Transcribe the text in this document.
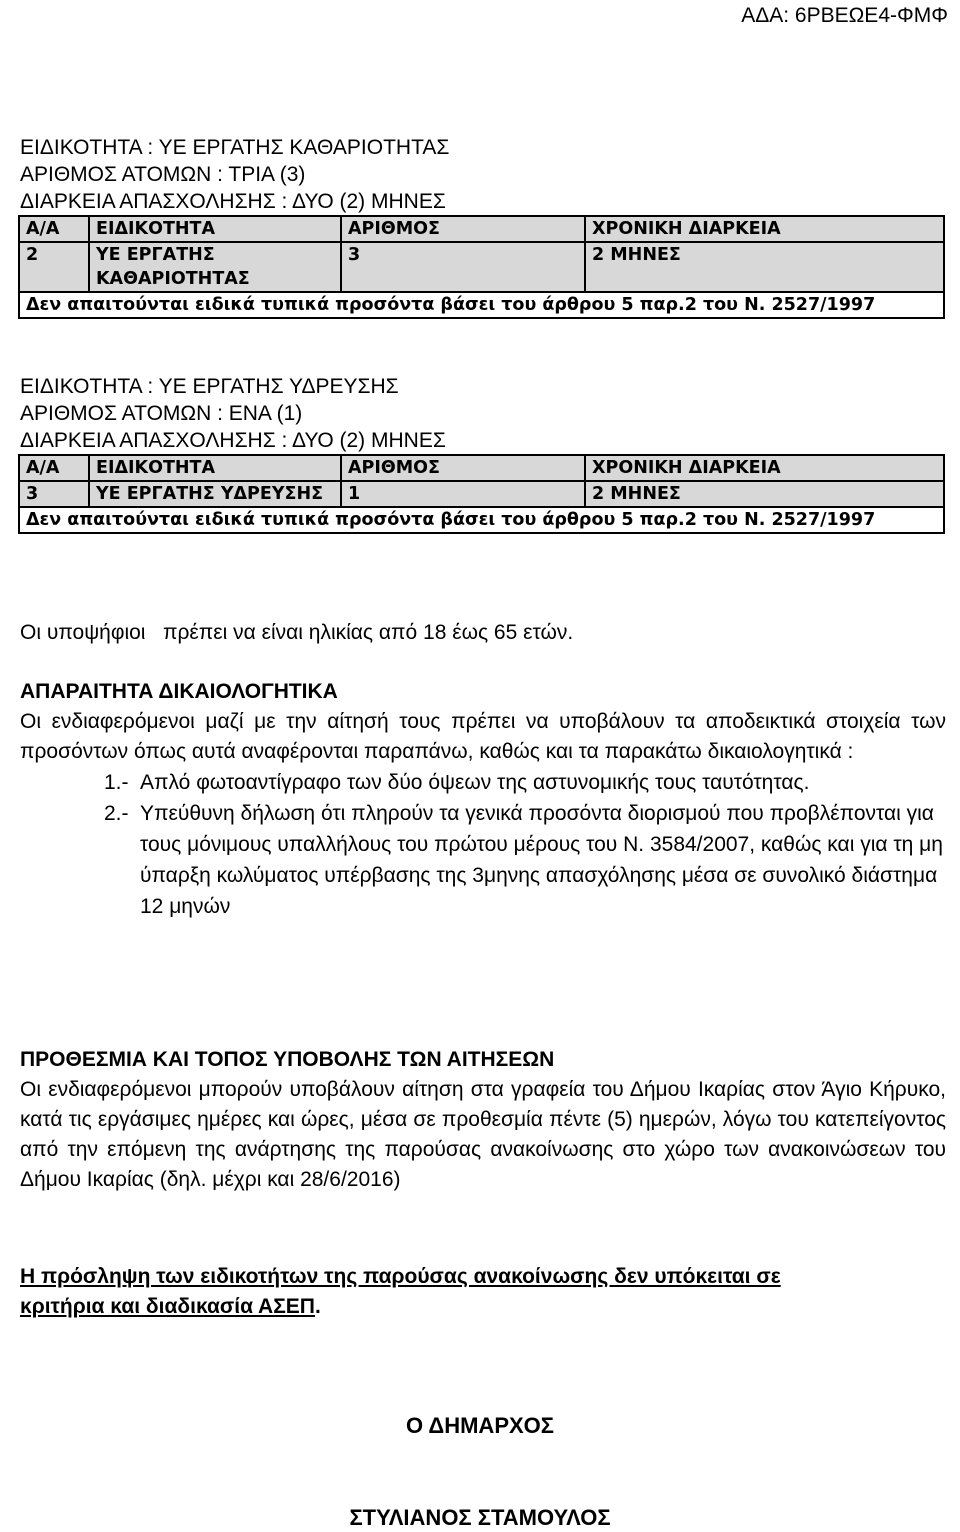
ΑΔΑ: 6ΡΒΕΩΕ4-ΦΜΦ

ΕΙΔΙΚΟΤΗΤΑ : ΥΕ ΕΡΓΑΤΗΣ ΚΑΘΑΡΙΟΤΗΤΑΣ

ΑΡΙΘΜΟΣ ΑΤΟΜΩΝ : ΤΡΙΑ (3)

ΔΙΑΡΚΕΙΑ ΑΠΑΣΧΟΛΗΣΗΣ : ΔΥΟ (2) ΜΗΝΕΣ

Α/Α	ΕΙΔΙΚΟΤΗΤΑ	ΑΡΙΘΜΟΣ	ΧΡΟΝΙΚΗ ΔΙΑΡΚΕΙΑ
2	ΥΕ ΕΡΓΑΤΗΣ ΚΑΘΑΡΙΟΤΗΤΑΣ	3	2 ΜΗΝΕΣ
Δεν απαιτούνται ειδικά τυπικά προσόντα βάσει του άρθρου 5 παρ.2 του Ν. 2527/1997			

ΕΙΔΙΚΟΤΗΤΑ : ΥΕ ΕΡΓΑΤΗΣ ΥΔΡΕΥΣΗΣ

ΑΡΙΘΜΟΣ ΑΤΟΜΩΝ : ΕΝΑ (1)

ΔΙΑΡΚΕΙΑ ΑΠΑΣΧΟΛΗΣΗΣ : ΔΥΟ (2) ΜΗΝΕΣ

Α/Α	ΕΙΔΙΚΟΤΗΤΑ	ΑΡΙΘΜΟΣ	ΧΡΟΝΙΚΗ ΔΙΑΡΚΕΙΑ
3	ΥΕ ΕΡΓΑΤΗΣ ΥΔΡΕΥΣΗΣ	1	2 ΜΗΝΕΣ
Δεν απαιτούνται ειδικά τυπικά προσόντα βάσει του άρθρου 5 παρ.2 του Ν. 2527/1997			

Οι υποψήφιοι   πρέπει να είναι ηλικίας από 18 έως 65 ετών.

ΑΠΑΡΑΙΤΗΤΑ ΔΙΚΑΙΟΛΟΓΗΤΙΚΑ

Οι ενδιαφερόμενοι μαζί με την αίτησή τους πρέπει να υποβάλουν τα αποδεικτικά στοιχεία των προσόντων όπως αυτά αναφέρονται παραπάνω, καθώς και τα παρακάτω δικαιολογητικά :

1.- Απλό φωτοαντίγραφο των δύο όψεων της αστυνομικής τους ταυτότητας.
2.- Υπεύθυνη δήλωση ότι πληρούν τα γενικά προσόντα διορισμού που προβλέπονται για τους μόνιμους υπαλλήλους του πρώτου μέρους του Ν. 3584/2007, καθώς και για τη μη ύπαρξη κωλύματος υπέρβασης της 3μηνης απασχόλησης μέσα σε συνολικό διάστημα 12 μηνών

ΠΡΟΘΕΣΜΙΑ ΚΑΙ ΤΟΠΟΣ ΥΠΟΒΟΛΗΣ ΤΩΝ ΑΙΤΗΣΕΩΝ

Οι ενδιαφερόμενοι μπορούν υποβάλουν αίτηση στα γραφεία του Δήμου Ικαρίας στον Άγιο Κήρυκο, κατά τις εργάσιμες ημέρες και ώρες, μέσα σε προθεσμία πέντε (5) ημερών, λόγω του κατεπείγοντος από την επόμενη της ανάρτησης της παρούσας ανακοίνωσης στο χώρο των ανακοινώσεων του Δήμου Ικαρίας (δηλ. μέχρι και 28/6/2016)

Η πρόσληψη των ειδικοτήτων της παρούσας ανακοίνωσης δεν υπόκειται σε κριτήρια και διαδικασία ΑΣΕΠ.

Ο ΔΗΜΑΡΧΟΣ
ΣΤΥΛΙΑΝΟΣ ΣΤΑΜΟΥΛΟΣ
